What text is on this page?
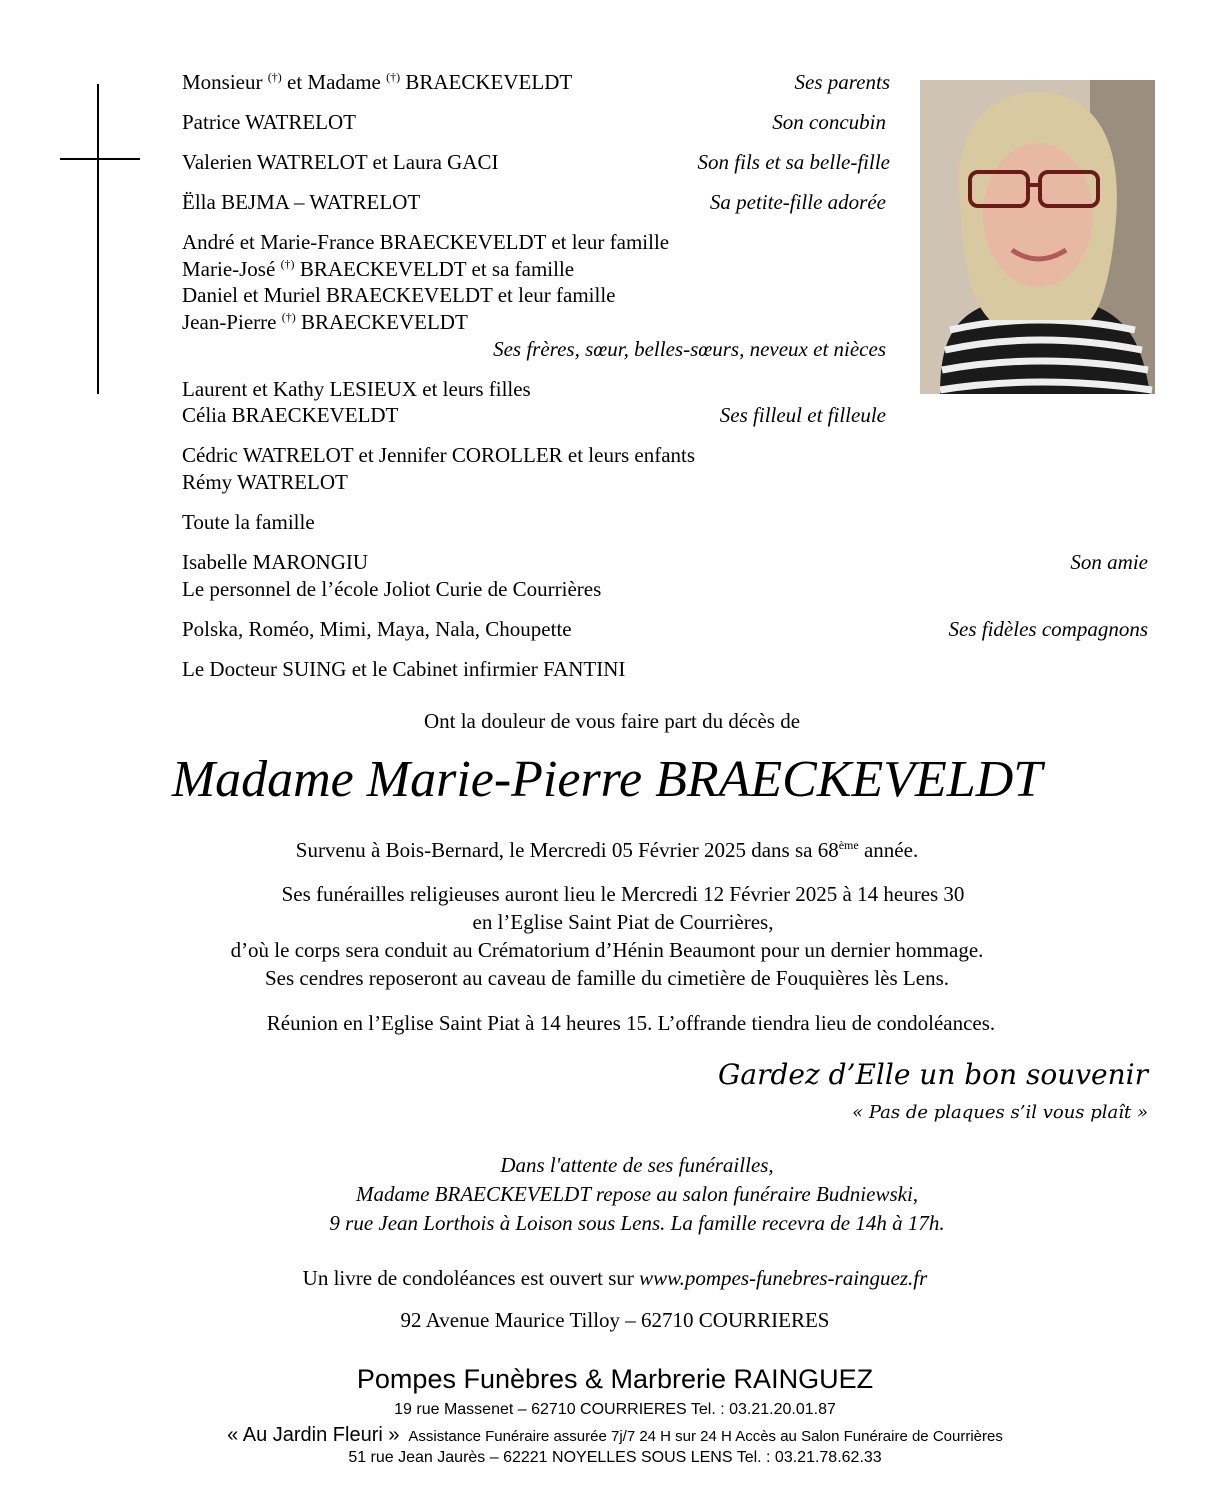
Monsieur (†) et Madame (†) BRAECKEVELDT	Ses parents
Patrice WATRELOT	Son concubin
Valerien WATRELOT et Laura GACI	Son fils et sa belle-fille
Ëlla BEJMA – WATRELOT	Sa petite-fille adorée
André et Marie-France BRAECKEVELDT et leur famille
Marie-José (†) BRAECKEVELDT et sa famille
Daniel et Muriel BRAECKEVELDT et leur famille
Jean-Pierre (†) BRAECKEVELDT
Ses frères, sœur, belles-sœurs, neveux et nièces
Laurent et Kathy LESIEUX et leurs filles
Célia BRAECKEVELDT	Ses filleul et filleule
Cédric WATRELOT et Jennifer COROLLER et leurs enfants
Rémy WATRELOT
Toute la famille
Isabelle MARONGIU	Son amie
Le personnel de l’école Joliot Curie de Courrières
Polska, Roméo, Mimi, Maya, Nala, Choupette	Ses fidèles compagnons
Le Docteur SUING et le Cabinet infirmier FANTINI
Ont la douleur de vous faire part du décès de
Madame Marie-Pierre BRAECKEVELDT
Survenu à Bois-Bernard, le Mercredi 05 Février 2025 dans sa 68ème année.
Ses funérailles religieuses auront lieu le Mercredi 12 Février 2025 à 14 heures 30
en l’Eglise Saint Piat de Courrières,
d’où le corps sera conduit au Crématorium d’Hénin Beaumont pour un dernier hommage.
Ses cendres reposeront au caveau de famille du cimetière de Fouquières lès Lens.
Réunion en l’Eglise Saint Piat à 14 heures 15. L’offrande tiendra lieu de condoléances.
Gardez d’Elle un bon souvenir
« Pas de plaques s’il vous plaît »
Dans l'attente de ses funérailles,
Madame BRAECKEVELDT repose au salon funéraire Budniewski,
9 rue Jean Lorthois à Loison sous Lens. La famille recevra de 14h à 17h.
Un livre de condoléances est ouvert sur www.pompes-funebres-rainguez.fr
92 Avenue Maurice Tilloy – 62710 COURRIERES
Pompes Funèbres & Marbrerie RAINGUEZ
19 rue Massenet – 62710 COURRIERES Tel. : 03.21.20.01.87
« Au Jardin Fleuri » Assistance Funéraire assurée 7j/7 24 H sur 24 H Accès au Salon Funéraire de Courrières
51 rue Jean Jaurès – 62221 NOYELLES SOUS LENS Tel. : 03.21.78.62.33
